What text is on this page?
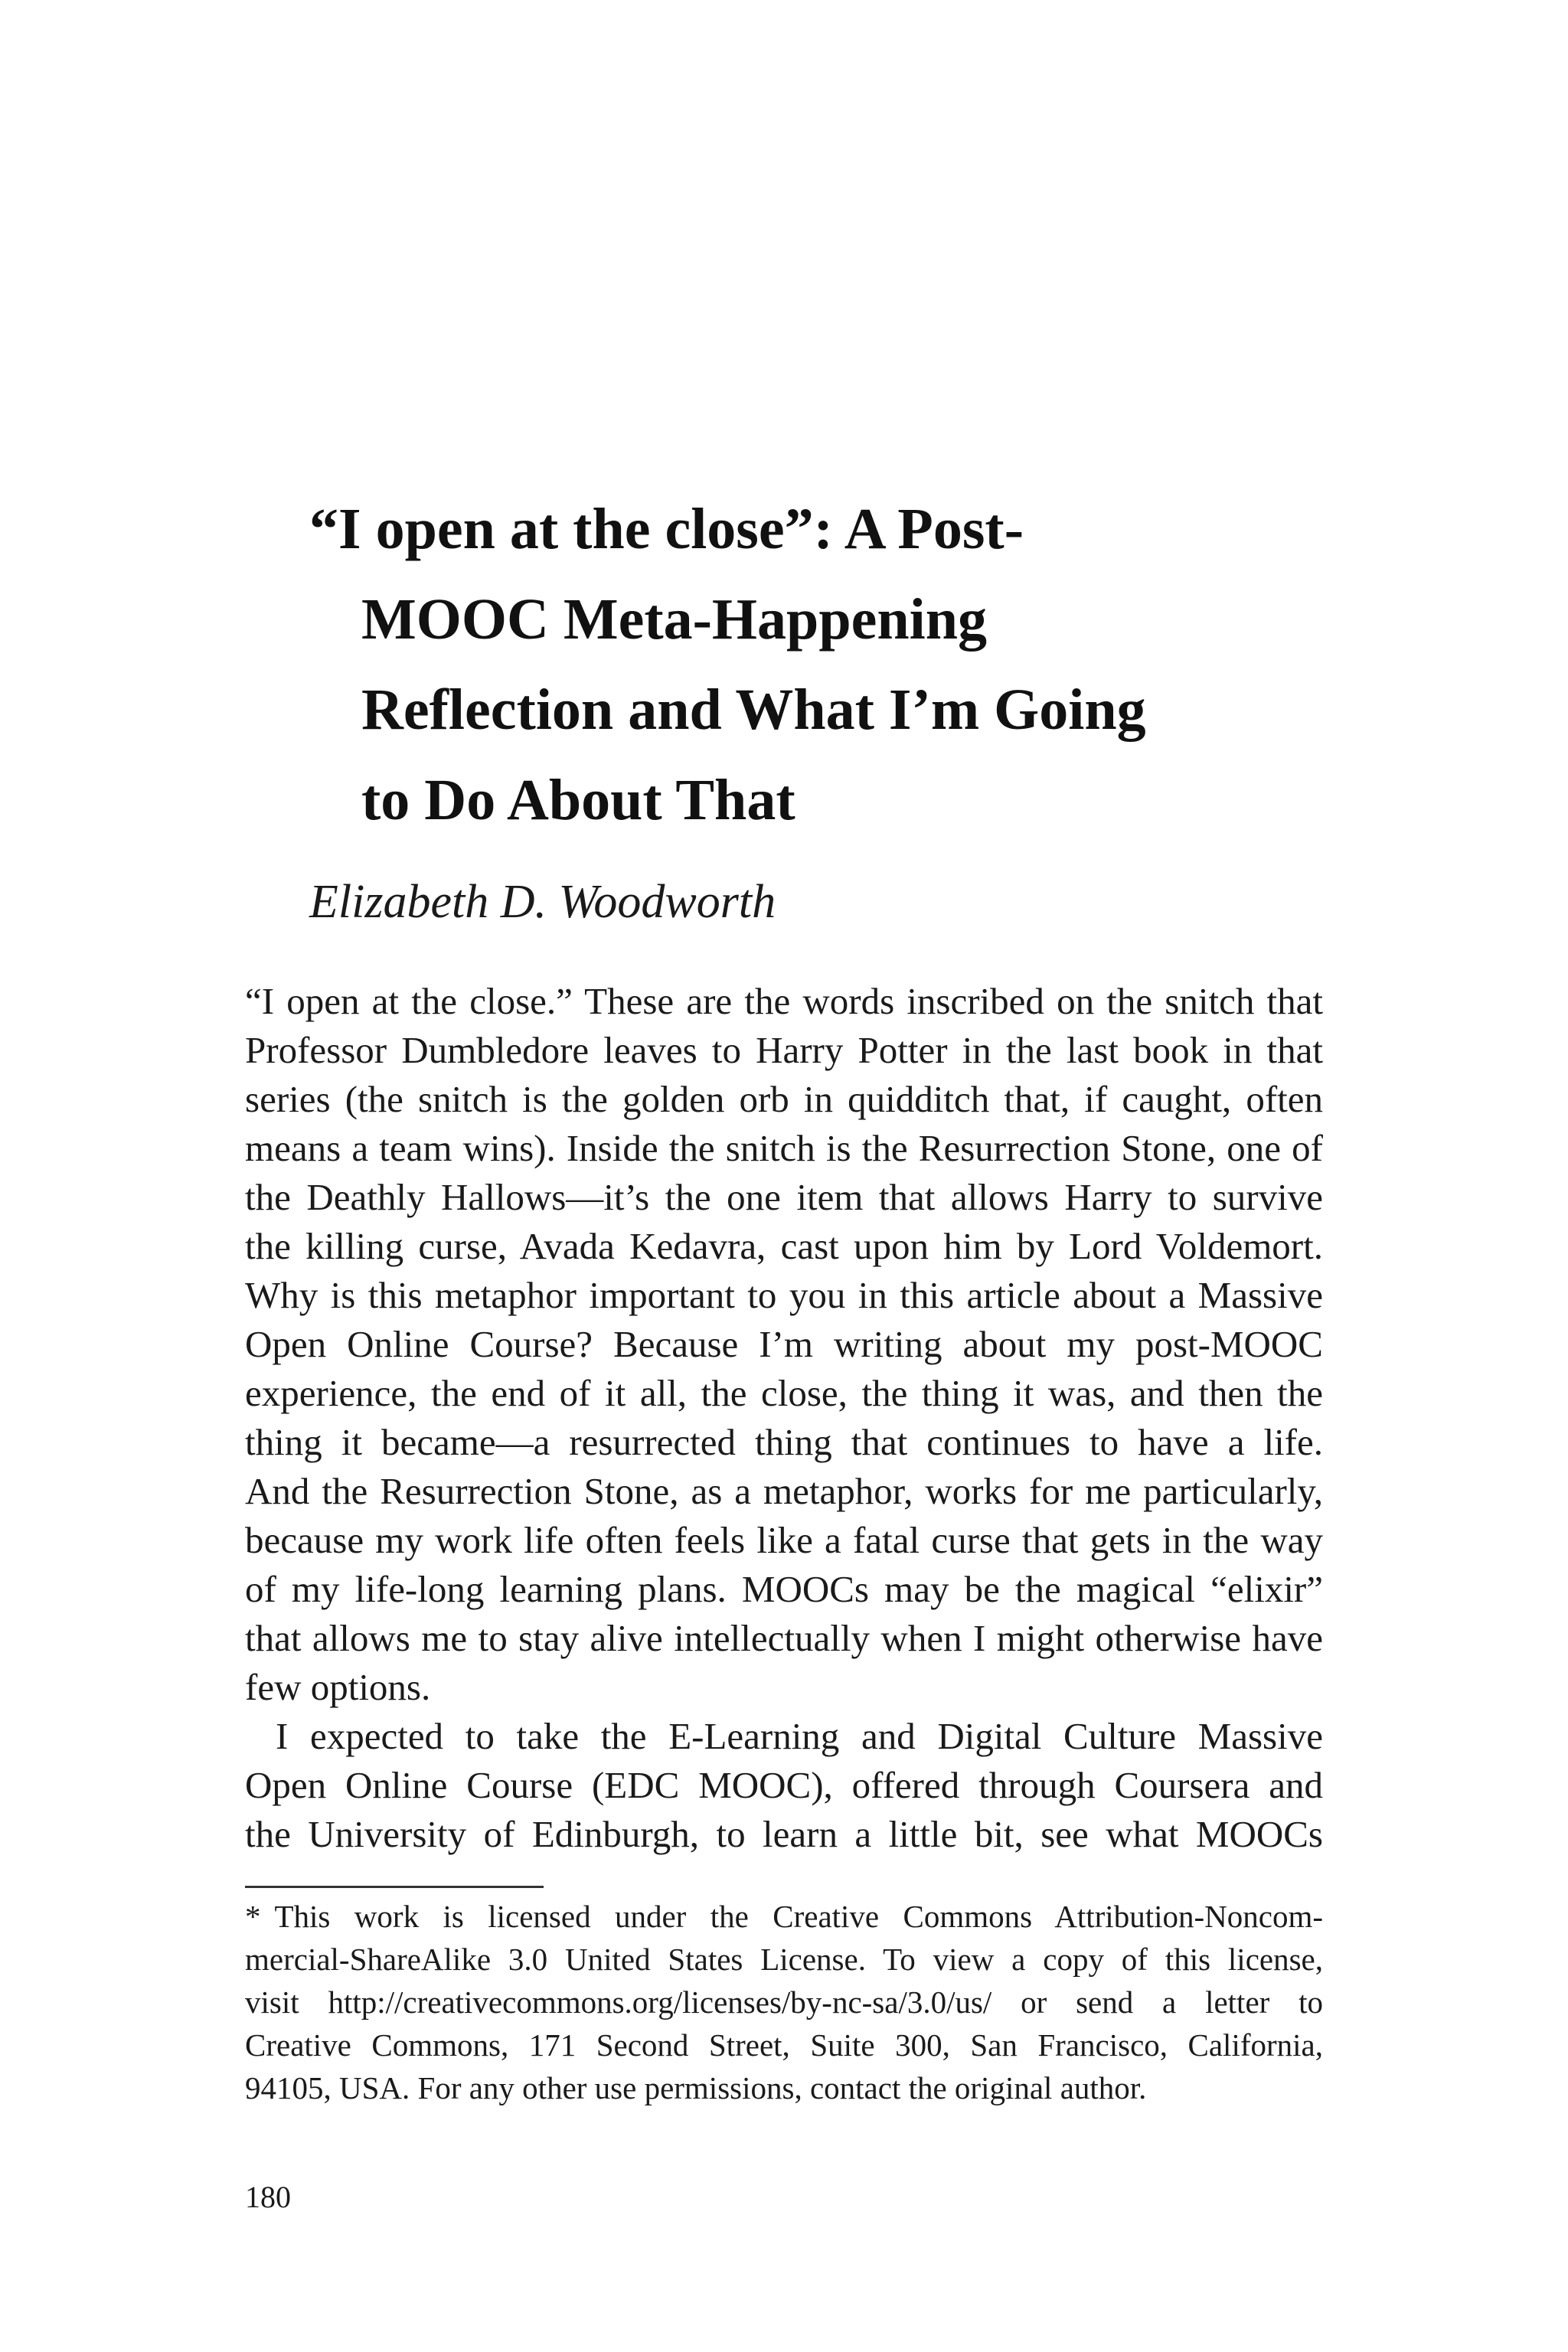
“I open at the close”: A Post-
MOOC Meta-Happening
Reflection and What I’m Going
to Do About That

Elizabeth D. Woodworth

“I open at the close.” These are the words inscribed on the snitch that
Professor Dumbledore leaves to Harry Potter in the last book in that
series (the snitch is the golden orb in quidditch that, if caught, often
means a team wins). Inside the snitch is the Resurrection Stone, one of
the Deathly Hallows—it’s the one item that allows Harry to survive
the killing curse, Avada Kedavra, cast upon him by Lord Voldemort.
Why is this metaphor important to you in this article about a Massive
Open Online Course? Because I’m writing about my post-MOOC
experience, the end of it all, the close, the thing it was, and then the
thing it became—a resurrected thing that continues to have a life.
And the Resurrection Stone, as a metaphor, works for me particularly,
because my work life often feels like a fatal curse that gets in the way
of my life-long learning plans. MOOCs may be the magical “elixir”
that allows me to stay alive intellectually when I might otherwise have
few options.

I expected to take the E-Learning and Digital Culture Massive
Open Online Course (EDC MOOC), offered through Coursera and
the University of Edinburgh, to learn a little bit, see what MOOCs

* This work is licensed under the Creative Commons Attribution-Noncom-
mercial-ShareAlike 3.0 United States License. To view a copy of this license,
visit http://creativecommons.org/licenses/by-nc-sa/3.0/us/ or send a letter to
Creative Commons, 171 Second Street, Suite 300, San Francisco, California,
94105, USA. For any other use permissions, contact the original author.
180
